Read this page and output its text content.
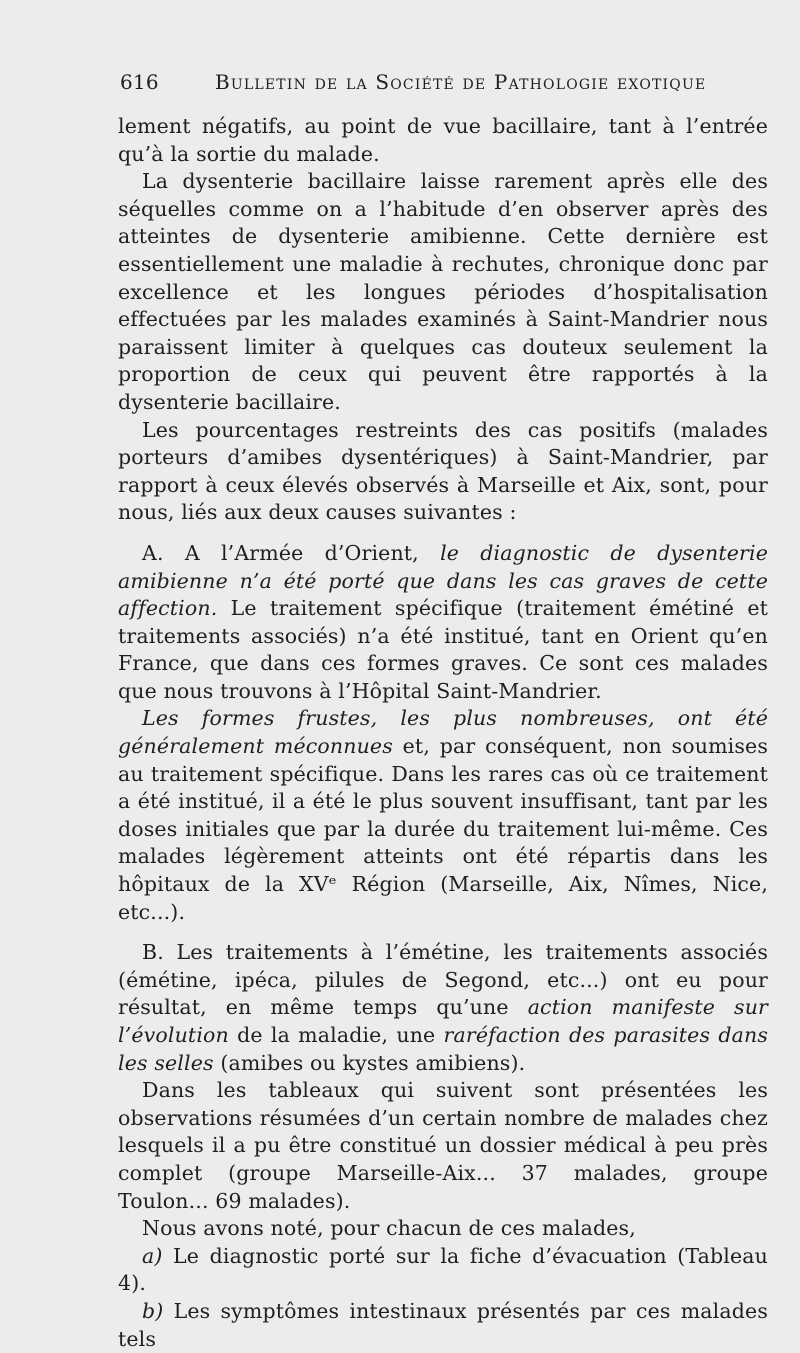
616	Bulletin de la Société de Pathologie exotique

lement négatifs, au point de vue bacillaire, tant à l’entrée qu’à la sortie du malade.

La dysenterie bacillaire laisse rarement après elle des séquelles comme on a l’habitude d’en observer après des atteintes de dysenterie amibienne. Cette dernière est essentiellement une maladie à rechutes, chronique donc par excellence et les longues périodes d’hospitalisation effectuées par les malades examinés à Saint-Mandrier nous paraissent limiter à quelques cas douteux seulement la proportion de ceux qui peuvent être rapportés à la dysenterie bacillaire.

Les pourcentages restreints des cas positifs (malades porteurs d’amibes dysentériques) à Saint-Mandrier, par rapport à ceux élevés observés à Marseille et Aix, sont, pour nous, liés aux deux causes suivantes :

A. A l’Armée d’Orient, le diagnostic de dysenterie amibienne n’a été porté que dans les cas graves de cette affection. Le traitement spécifique (traitement émétiné et traitements associés) n’a été institué, tant en Orient qu’en France, que dans ces formes graves. Ce sont ces malades que nous trouvons à l’Hôpital Saint-Mandrier.

Les formes frustes, les plus nombreuses, ont été généralement méconnues et, par conséquent, non soumises au traitement spécifique. Dans les rares cas où ce traitement a été institué, il a été le plus souvent insuffisant, tant par les doses initiales que par la durée du traitement lui-même. Ces malades légèrement atteints ont été répartis dans les hôpitaux de la XVᵉ Région (Marseille, Aix, Nîmes, Nice, etc...).

B. Les traitements à l’émétine, les traitements associés (émétine, ipéca, pilules de Segond, etc...) ont eu pour résultat, en même temps qu’une action manifeste sur l’évolution de la maladie, une raréfaction des parasites dans les selles (amibes ou kystes amibiens).

Dans les tableaux qui suivent sont présentées les observations résumées d’un certain nombre de malades chez lesquels il a pu être constitué un dossier médical à peu près complet (groupe Marseille-Aix... 37 malades, groupe Toulon... 69 malades).

Nous avons noté, pour chacun de ces malades,

a) Le diagnostic porté sur la fiche d’évacuation (Tableau 4).

b) Les symptômes intestinaux présentés par ces malades tels
